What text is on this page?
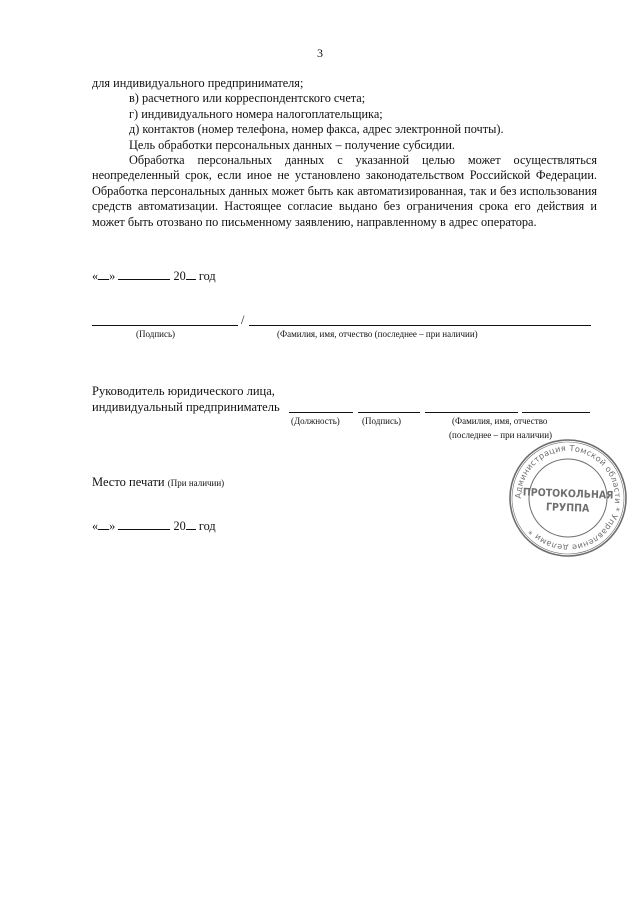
3

для индивидуального предпринимателя;

в) расчетного или корреспондентского счета;

г) индивидуального номера налогоплательщика;

д) контактов (номер телефона, номер факса, адрес электронной почты).

Цель обработки персональных данных – получение субсидии.

Обработка персональных данных с указанной целью может осуществляться неопределенный срок, если иное не установлено законодательством Российской Федерации. Обработка персональных данных может быть как автоматизированная, так и без использования средств автоматизации. Настоящее согласие выдано без ограничения срока его действия и может быть отозвано по письменному заявлению, направленному в адрес оператора.

« »	20 год
/
(Подпись)	(Фамилия, имя, отчество (последнее – при наличии)
Руководитель юридического лица,
индивидуальный предприниматель
(Должность) (Подпись)	(Фамилия, имя, отчество
(последнее – при наличии)
Место печати (При наличии)
« »	20 год
Администрация Томской области * Управление делами *
ПРОТОКОЛЬНАЯ
ГРУППА
